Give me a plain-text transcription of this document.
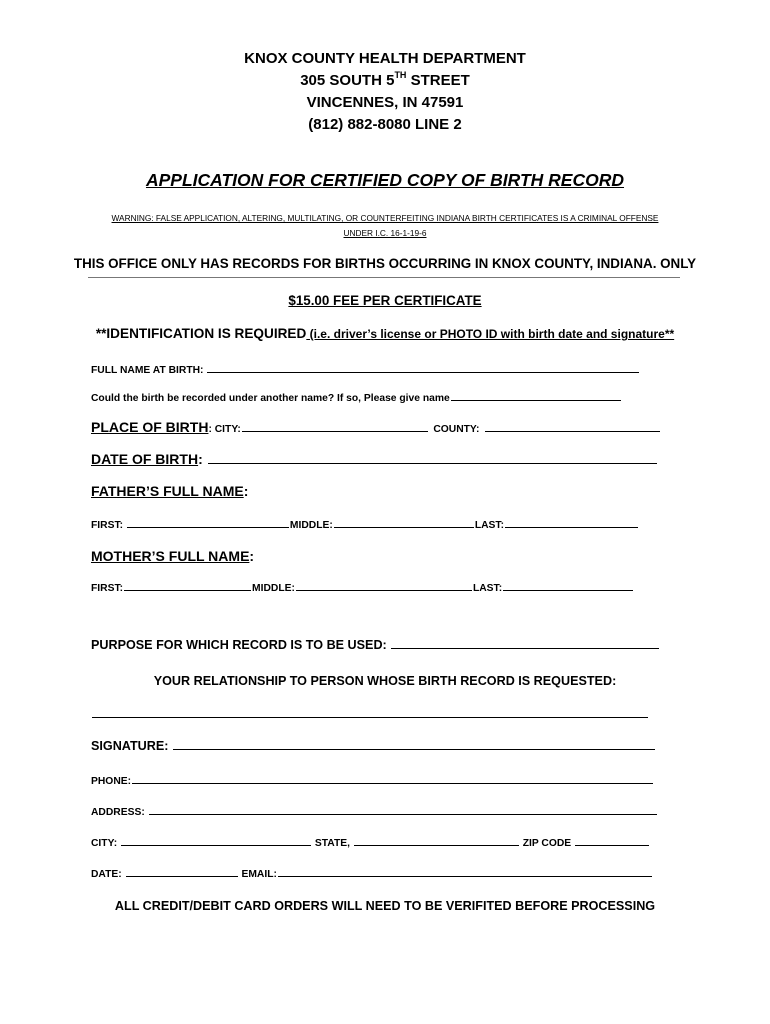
KNOX COUNTY HEALTH DEPARTMENT
305 SOUTH 5TH STREET
VINCENNES, IN 47591
(812) 882-8080 LINE 2
APPLICATION FOR CERTIFIED COPY OF BIRTH RECORD
WARNING: FALSE APPLICATION, ALTERING, MULTILATING, OR COUNTERFEITING INDIANA BIRTH CERTIFICATES IS A CRIMINAL OFFENSE
UNDER I.C. 16-1-19-6
THIS OFFICE ONLY HAS RECORDS FOR BIRTHS OCCURRING IN KNOX COUNTY, INDIANA. ONLY
$15.00 FEE PER CERTIFICATE
**IDENTIFICATION IS REQUIRED (i.e. driver’s license or PHOTO ID with birth date and signature**
FULL NAME AT BIRTH:
Could the birth be recorded under another name? If so, Please give name
PLACE OF BIRTH: CITY:	COUNTY:
DATE OF BIRTH:
FATHER’S FULL NAME:
FIRST:	MIDDLE:	LAST:
MOTHER’S FULL NAME:
FIRST:	MIDDLE:	LAST:
PURPOSE FOR WHICH RECORD IS TO BE USED:
YOUR RELATIONSHIP TO PERSON WHOSE BIRTH RECORD IS REQUESTED:
SIGNATURE:
PHONE:
ADDRESS:
CITY:	STATE,	ZIP CODE
DATE:	EMAIL:
ALL CREDIT/DEBIT CARD ORDERS WILL NEED TO BE VERIFITED BEFORE PROCESSING
